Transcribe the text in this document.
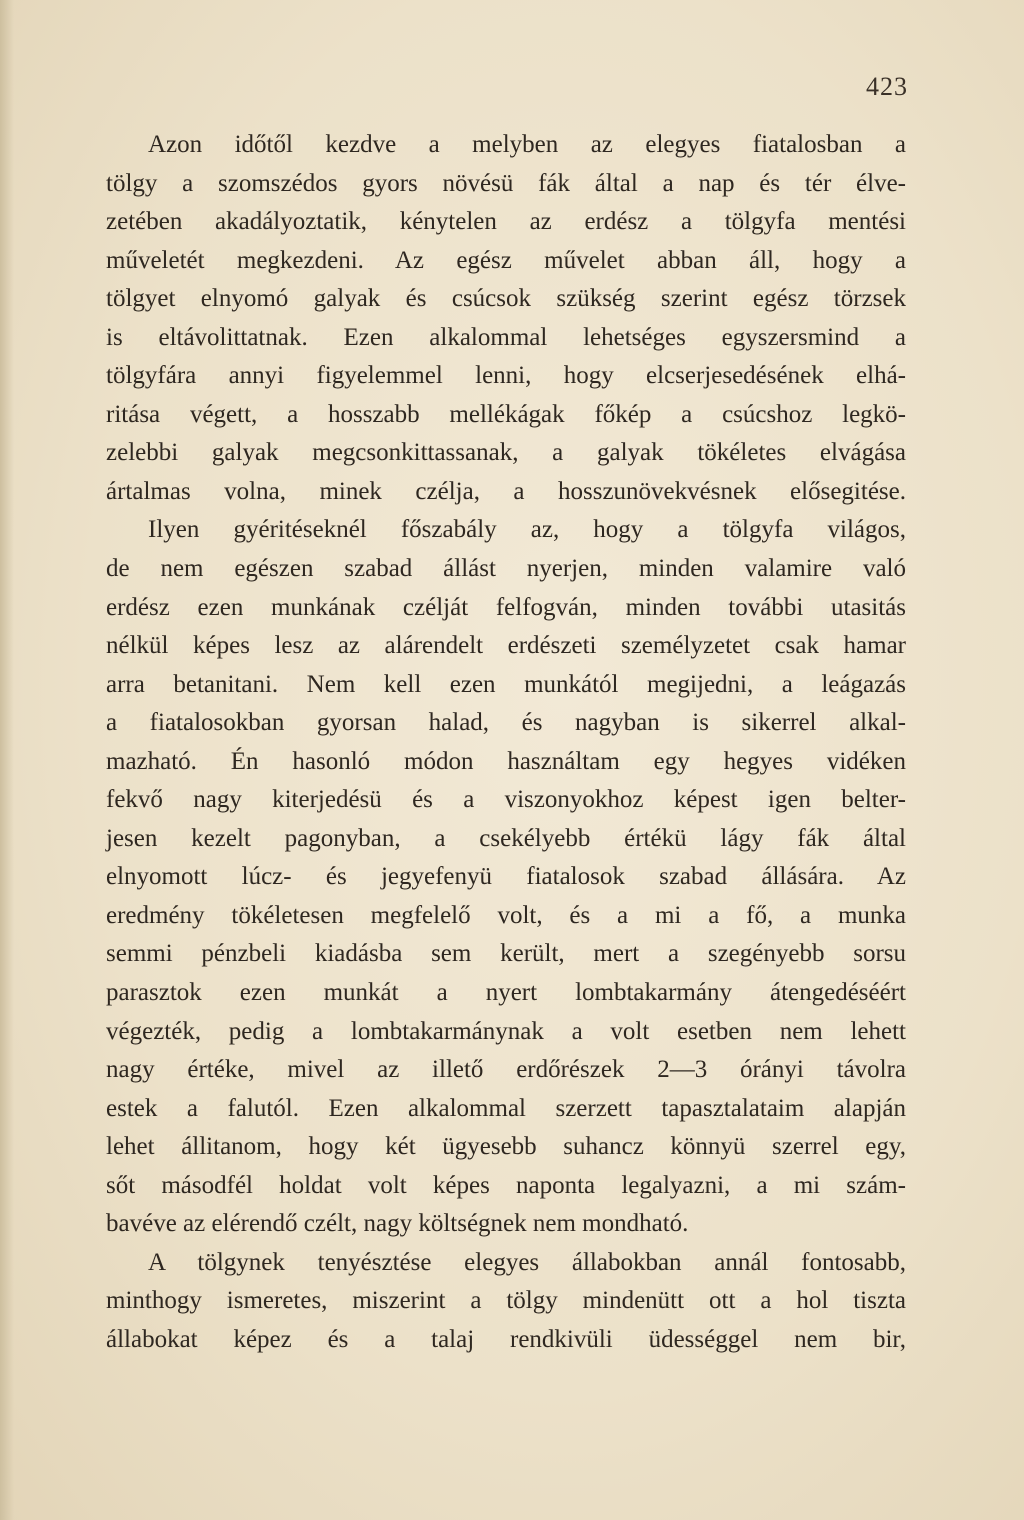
423
Azon időtől kezdve a melyben az elegyes fiatalosban a
tölgy a szomszédos gyors növésü fák által a nap és tér élve-
zetében akadályoztatik, kénytelen az erdész a tölgyfa mentési
műveletét megkezdeni. Az egész művelet abban áll, hogy a
tölgyet elnyomó galyak és csúcsok szükség szerint egész törzsek
is eltávolittatnak. Ezen alkalommal lehetséges egyszersmind a
tölgyfára annyi figyelemmel lenni, hogy elcserjesedésének elhá-
ritása végett, a hosszabb mellékágak főkép a csúcshoz legkö-
zelebbi galyak megcsonkittassanak, a galyak tökéletes elvágása
ártalmas volna, minek czélja, a hosszunövekvésnek elősegitése.
Ilyen gyéritéseknél főszabály az, hogy a tölgyfa világos,
de nem egészen szabad állást nyerjen, minden valamire való
erdész ezen munkának czélját felfogván, minden további utasitás
nélkül képes lesz az alárendelt erdészeti személyzetet csak hamar
arra betanitani. Nem kell ezen munkától megijedni, a leágazás
a fiatalosokban gyorsan halad, és nagyban is sikerrel alkal-
mazható. Én hasonló módon használtam egy hegyes vidéken
fekvő nagy kiterjedésü és a viszonyokhoz képest igen belter-
jesen kezelt pagonyban, a csekélyebb értékü lágy fák által
elnyomott lúcz- és jegyefenyü fiatalosok szabad állására. Az
eredmény tökéletesen megfelelő volt, és a mi a fő, a munka
semmi pénzbeli kiadásba sem került, mert a szegényebb sorsu
parasztok ezen munkát a nyert lombtakarmány átengedéséért
végezték, pedig a lombtakarmánynak a volt esetben nem lehett
nagy értéke, mivel az illető erdőrészek 2—3 órányi távolra
estek a falutól. Ezen alkalommal szerzett tapasztalataim alapján
lehet állitanom, hogy két ügyesebb suhancz könnyü szerrel egy,
sőt másodfél holdat volt képes naponta legalyazni, a mi szám-
bavéve az elérendő czélt, nagy költségnek nem mondható.
A tölgynek tenyésztése elegyes állabokban annál fontosabb,
minthogy ismeretes, miszerint a tölgy mindenütt ott a hol tiszta
állabokat képez és a talaj rendkivüli üdességgel nem bir,
